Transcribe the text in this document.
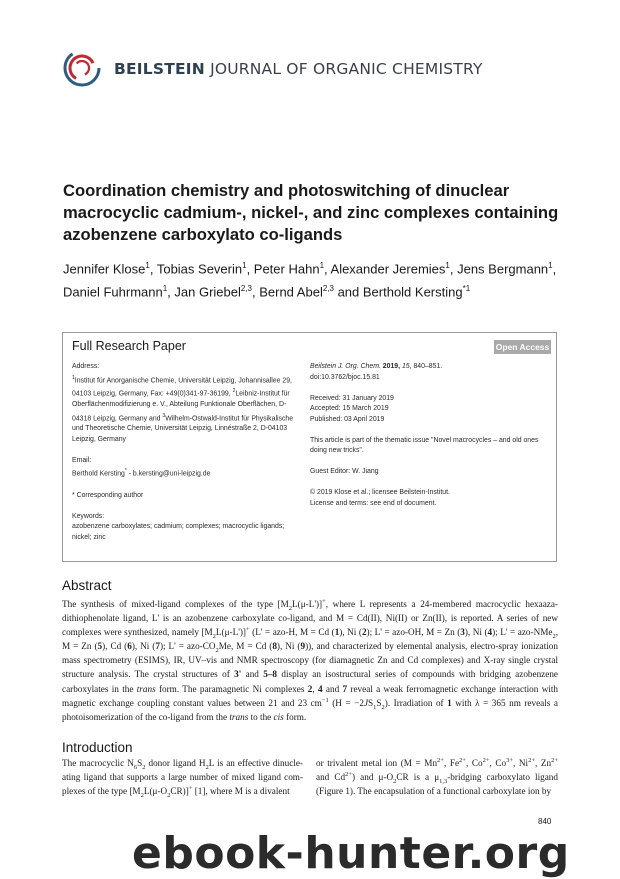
BEILSTEIN JOURNAL OF ORGANIC CHEMISTRY
Coordination chemistry and photoswitching of dinuclear macrocyclic cadmium-, nickel-, and zinc complexes containing azobenzene carboxylato co-ligands
Jennifer Klose$^1$, Tobias Severin$^1$, Peter Hahn$^1$, Alexander Jeremies$^1$, Jens Bergmann$^1$, Daniel Fuhrmann$^1$, Jan Griebel$^{2,3}$, Bernd Abel$^{2,3}$ and Berthold Kersting$^{*1}$
Full Research Paper	Open Access

Address:

$^1$Institut für Anorganische Chemie, Universität Leipzig, Johannisallee 29, 04103 Leipzig, Germany, Fax: +49(0)341-97-36199, $^2$Leibniz-Institut für Oberflächenmodifizierung e. V., Abteilung Funktionale Oberflächen, D-04318 Leipzig, Germany and $^3$Wilhelm-Ostwald-Institut für Physikalische und Theoretische Chemie, Universität Leipzig, Linnéstraße 2, D-04103 Leipzig, Germany

Email:

Berthold Kersting* - b.kersting@uni-leipzig.de

* Corresponding author

Keywords:

azobenzene carboxylates; cadmium; complexes; macrocyclic ligands; nickel; zinc

Beilstein J. Org. Chem. 2019, 15, 840–851.

doi:10.3762/bjoc.15.81

Received: 31 January 2019

Accepted: 15 March 2019

Published: 03 April 2019

This article is part of the thematic issue "Novel macrocycles – and old ones doing new tricks".

Guest Editor: W. Jiang

© 2019 Klose et al.; licensee Beilstein-Institut.

License and terms: see end of document.

Abstract
The synthesis of mixed-ligand complexes of the type $[M_2L(\mu-L')]^+$, where L represents a 24-membered macrocyclic hexaaza-dithiophenolate ligand, L' is an azobenzene carboxylate co-ligand, and M = Cd(II), Ni(II) or Zn(II), is reported. A series of new complexes were synthesized, namely $[M_2L(\mu-L')]^+$ (L' = azo-H, M = Cd (1), Ni (2); L' = azo-OH, M = Zn (3), Ni (4); L' = azo-NMe$_2$, M = Zn (5), Cd (6), Ni (7); L' = azo-$CO_2Me$, M = Cd (8), Ni (9)), and characterized by elemental analysis, electro-spray ionization mass spectrometry (ESIMS), IR, UV–vis and NMR spectroscopy (for diamagnetic Zn and Cd complexes) and X-ray single crystal structure analysis. The crystal structures of 3' and 5–8 display an isostructural series of compounds with bridging azobenzene carboxylates in the trans form. The paramagnetic Ni complexes 2, 4 and 7 reveal a weak ferromagnetic exchange interaction with magnetic exchange coupling constant values between 21 and 23 $cm^{-1}$ $(H = -2JS_1S_2)$. Irradiation of 1 with λ = 365 nm reveals a photoisomerization of the co-ligand from the trans to the cis form.
Introduction
The macrocyclic $N_6S_2$ donor ligand $H_2L$ is an effective dinucle-ating ligand that supports a large number of mixed ligand com-plexes of the type $[M_2L(\mu-O_2CR)]^+$ [1], where M is a divalent
or trivalent metal ion ($M = Mn^{2+}$, $Fe^{2+}$, $Co^{2+}$, $Co^{3+}$, $Ni^{2+}$, $Zn^{2+}$ and $Cd^{2+}$) and $\mu-O_2CR$ is a $\mu_{1,3}$-bridging carboxylato ligand (Figure 1). The encapsulation of a functional carboxylate ion by
840
ebook-hunter.org
